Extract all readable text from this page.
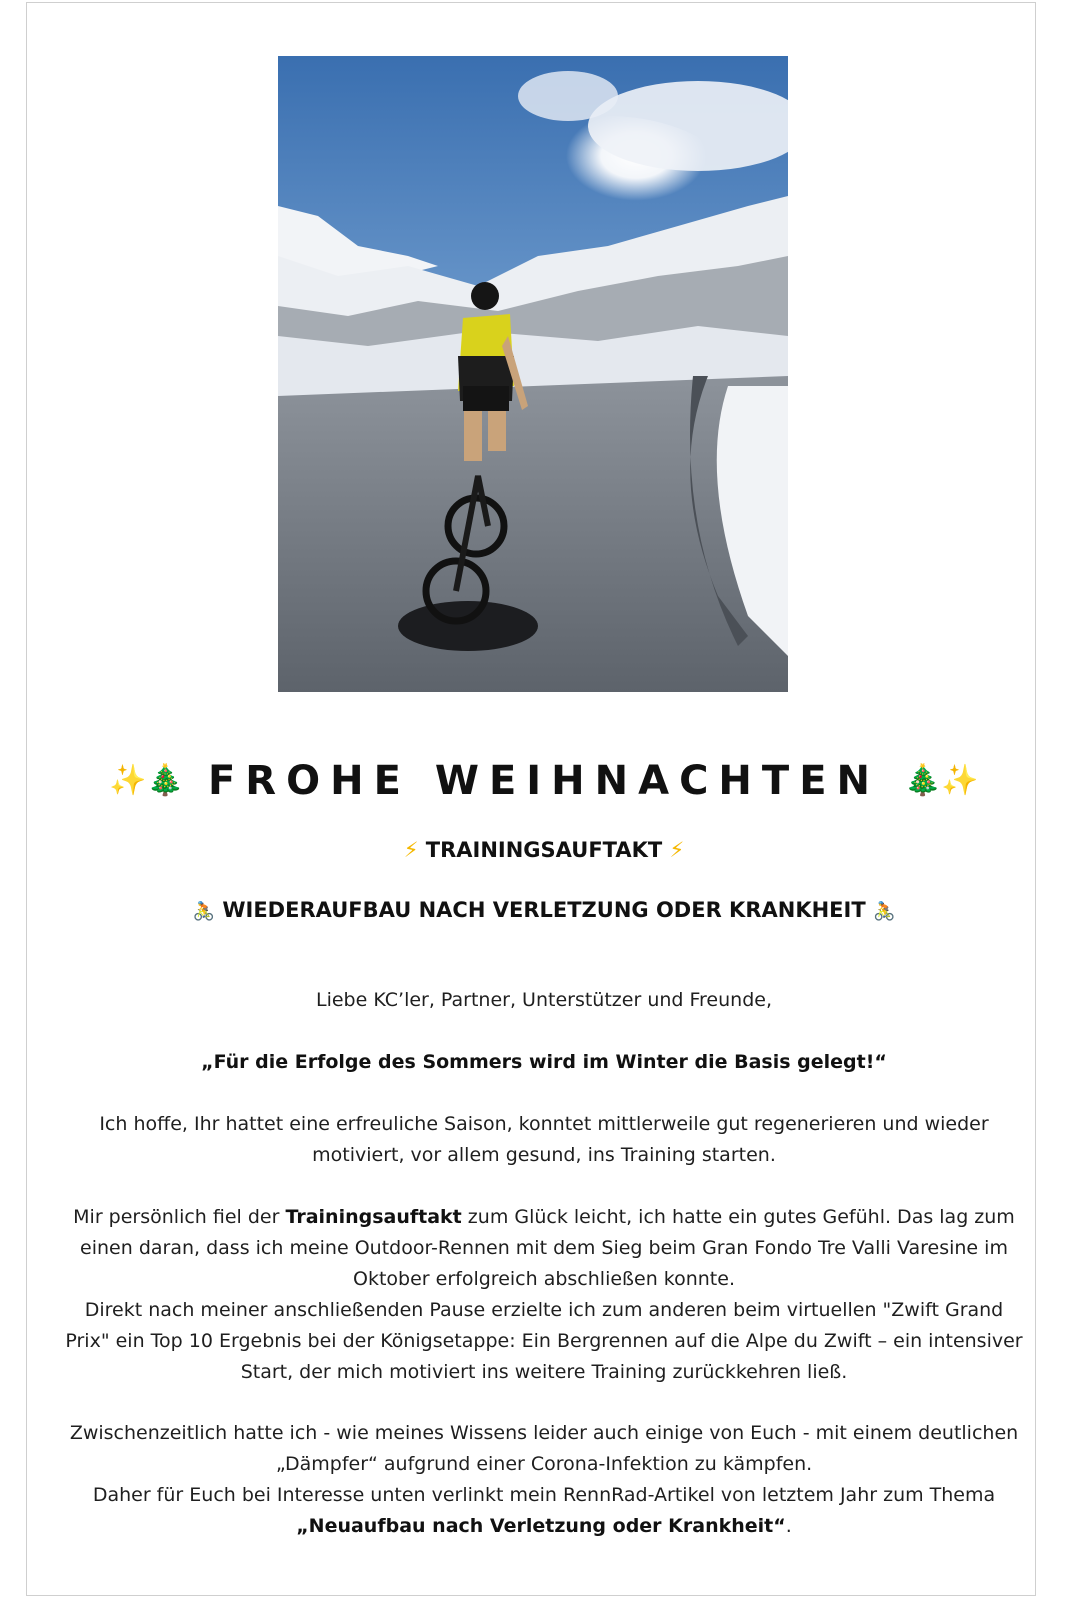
✨🎄 FROHE WEIHNACHTEN 🎄✨
⚡ TRAININGSAUFTAKT ⚡
🚴 WIEDERAUFBAU NACH VERLETZUNG ODER KRANKHEIT 🚴
Liebe KC’ler, Partner, Unterstützer und Freunde,
„Für die Erfolge des Sommers wird im Winter die Basis gelegt!“
Ich hoffe, Ihr hattet eine erfreuliche Saison, konntet mittlerweile gut regenerieren und wieder motiviert, vor allem gesund, ins Training starten.
Mir persönlich fiel der Trainingsauftakt zum Glück leicht, ich hatte ein gutes Gefühl. Das lag zum einen daran, dass ich meine Outdoor-Rennen mit dem Sieg beim Gran Fondo Tre Valli Varesine im Oktober erfolgreich abschließen konnte.
Direkt nach meiner anschließenden Pause erzielte ich zum anderen beim virtuellen "Zwift Grand Prix" ein Top 10 Ergebnis bei der Königsetappe: Ein Bergrennen auf die Alpe du Zwift – ein intensiver Start, der mich motiviert ins weitere Training zurückkehren ließ.
Zwischenzeitlich hatte ich - wie meines Wissens leider auch einige von Euch - mit einem deutlichen „Dämpfer“ aufgrund einer Corona-Infektion zu kämpfen.
Daher für Euch bei Interesse unten verlinkt mein RennRad-Artikel von letztem Jahr zum Thema „Neuaufbau nach Verletzung oder Krankheit“.
